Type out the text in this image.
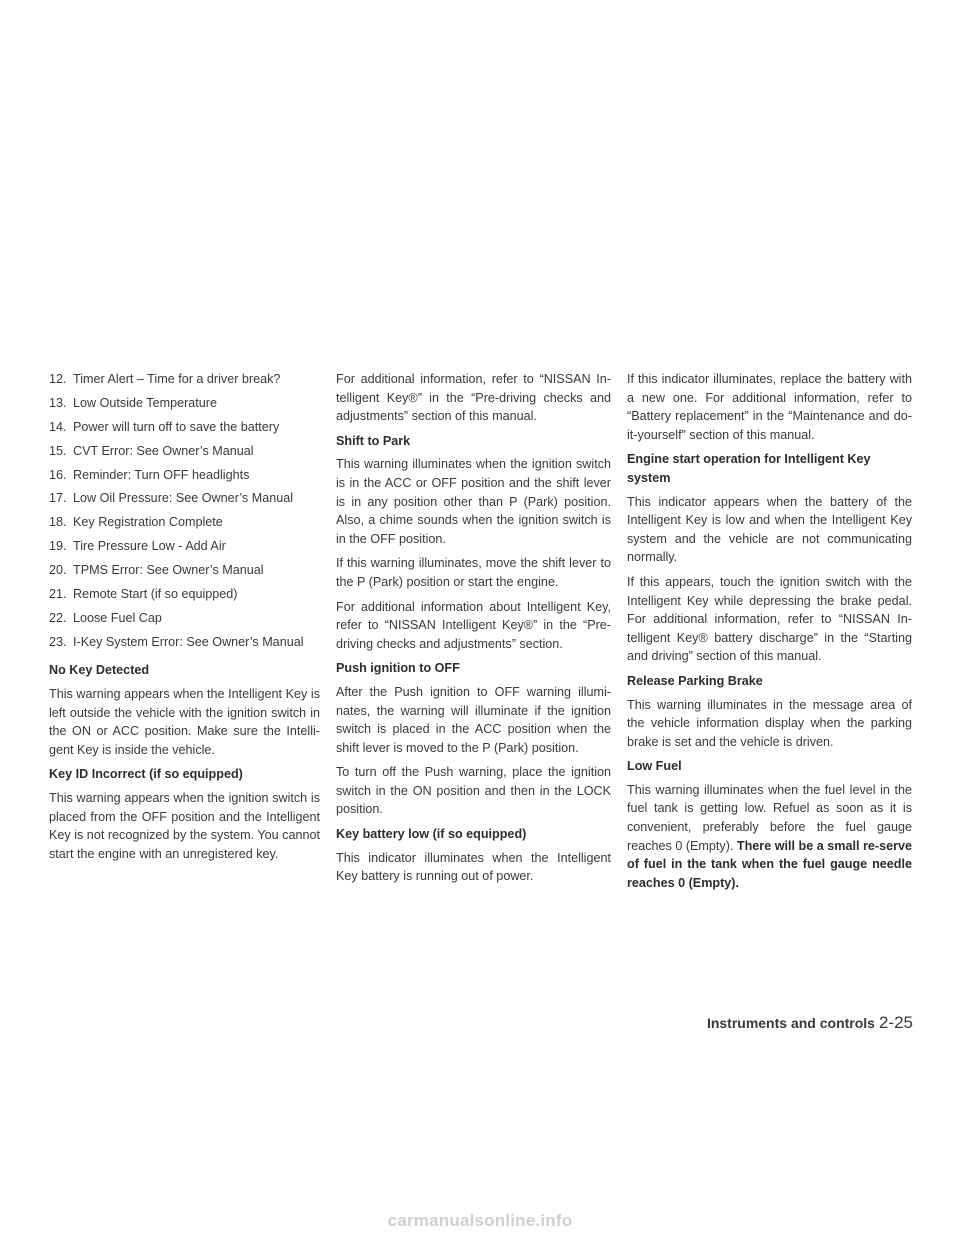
12. Timer Alert – Time for a driver break?
13. Low Outside Temperature
14. Power will turn off to save the battery
15. CVT Error: See Owner’s Manual
16. Reminder: Turn OFF headlights
17. Low Oil Pressure: See Owner’s Manual
18. Key Registration Complete
19. Tire Pressure Low - Add Air
20. TPMS Error: See Owner’s Manual
21. Remote Start (if so equipped)
22. Loose Fuel Cap
23. I-Key System Error: See Owner’s Manual
No Key Detected

This warning appears when the Intelligent Key is left outside the vehicle with the ignition switch in the ON or ACC position. Make sure the Intelli-gent Key is inside the vehicle.

Key ID Incorrect (if so equipped)

This warning appears when the ignition switch is placed from the OFF position and the Intelligent Key is not recognized by the system. You cannot start the engine with an unregistered key.

For additional information, refer to “NISSAN In-telligent Key®” in the “Pre-driving checks and adjustments” section of this manual.

Shift to Park

This warning illuminates when the ignition switch is in the ACC or OFF position and the shift lever is in any position other than P (Park) position. Also, a chime sounds when the ignition switch is in the OFF position.

If this warning illuminates, move the shift lever to the P (Park) position or start the engine.

For additional information about Intelligent Key, refer to “NISSAN Intelligent Key®” in the “Pre-driving checks and adjustments” section.

Push ignition to OFF

After the Push ignition to OFF warning illumi-nates, the warning will illuminate if the ignition switch is placed in the ACC position when the shift lever is moved to the P (Park) position.

To turn off the Push warning, place the ignition switch in the ON position and then in the LOCK position.

Key battery low (if so equipped)

This indicator illuminates when the Intelligent Key battery is running out of power.

If this indicator illuminates, replace the battery with a new one. For additional information, refer to “Battery replacement” in the “Maintenance and do-it-yourself” section of this manual.

Engine start operation for Intelligent Key system

This indicator appears when the battery of the Intelligent Key is low and when the Intelligent Key system and the vehicle are not communicating normally.

If this appears, touch the ignition switch with the Intelligent Key while depressing the brake pedal. For additional information, refer to “NISSAN In-telligent Key® battery discharge” in the “Starting and driving” section of this manual.

Release Parking Brake

This warning illuminates in the message area of the vehicle information display when the parking brake is set and the vehicle is driven.

Low Fuel

This warning illuminates when the fuel level in the fuel tank is getting low. Refuel as soon as it is convenient, preferably before the fuel gauge reaches 0 (Empty). There will be a small re-serve of fuel in the tank when the fuel gauge needle reaches 0 (Empty).

Instruments and controls 2-25
carmanualsonline.info
